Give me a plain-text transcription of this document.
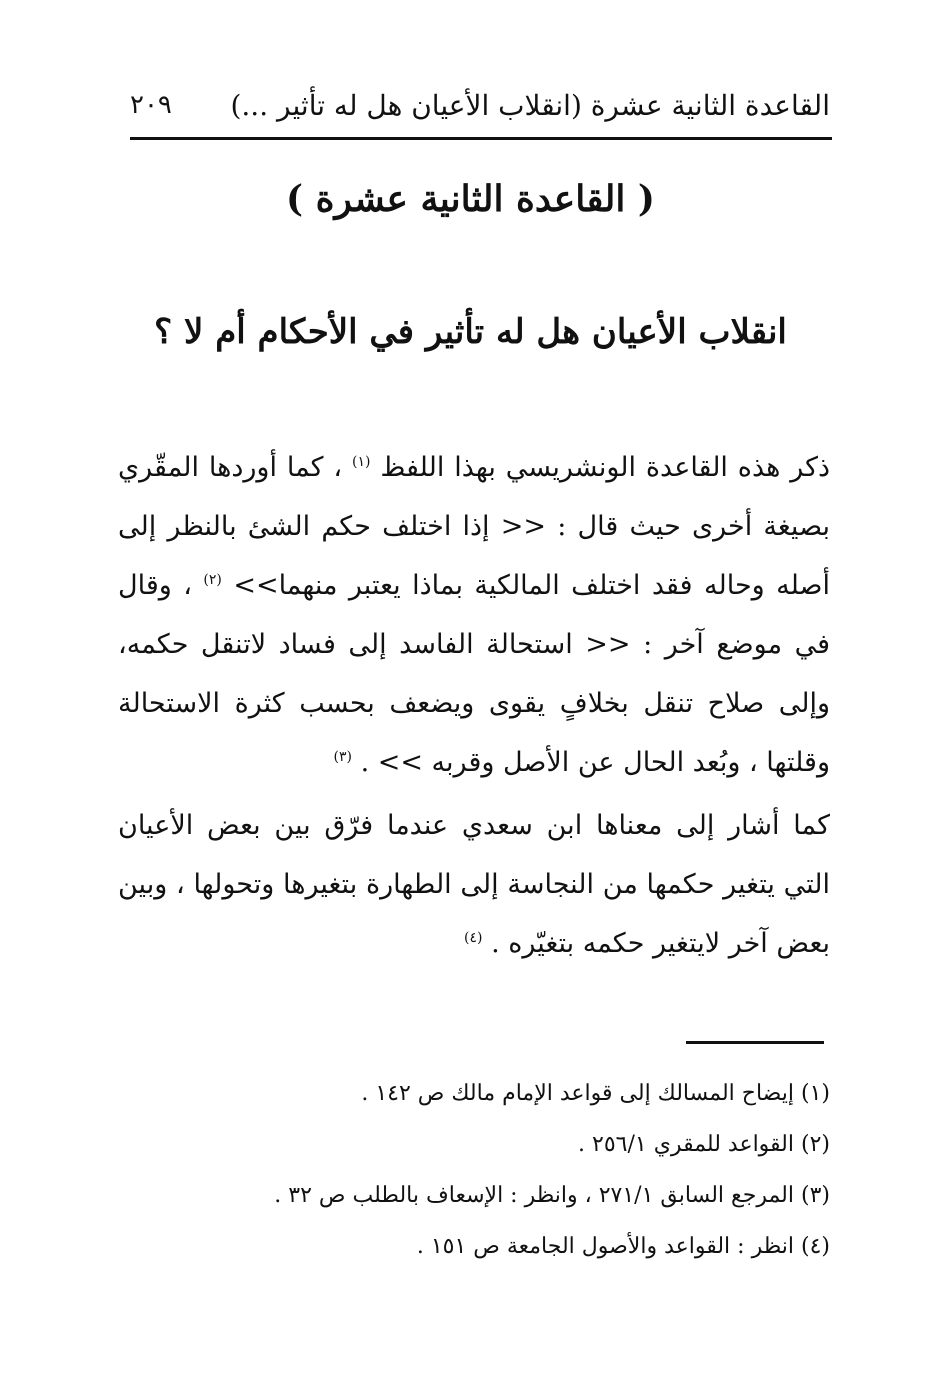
القاعدة الثانية عشرة (انقلاب الأعيان هل له تأثير ...)
٢٠٩
( القاعدة الثانية عشرة )
انقلاب الأعيان هل له تأثير في الأحكام أم لا ؟

ذكر هذه القاعدة الونشريسي بهذا اللفظ $^{(١)}$ ، كما أوردها المقّري بصيغة أخرى حيث قال : << إذا اختلف حكم الشئ بالنظر إلى أصله وحاله فقد اختلف المالكية بماذا يعتبر منهما>> $^{(٢)}$ ، وقال في موضع آخر : << استحالة الفاسد إلى فساد لاتنقل حكمه، وإلى صلاح تنقل بخلافٍ يقوى ويضعف بحسب كثرة الاستحالة وقلتها ، وبُعد الحال عن الأصل وقربه >> . $^{(٣)}$

كما أشار إلى معناها ابن سعدي عندما فرّق بين بعض الأعيان التي يتغير حكمها من النجاسة إلى الطهارة بتغيرها وتحولها ، وبين بعض آخر لايتغير حكمه بتغيّره . $^{(٤)}$

(١) إيضاح المسالك إلى قواعد الإمام مالك ص ١٤٢ .
(٢) القواعد للمقري ٢٥٦/١ .
(٣) المرجع السابق ٢٧١/١ ، وانظر : الإسعاف بالطلب ص ٣٢ .
(٤) انظر : القواعد والأصول الجامعة ص ١٥١ .
